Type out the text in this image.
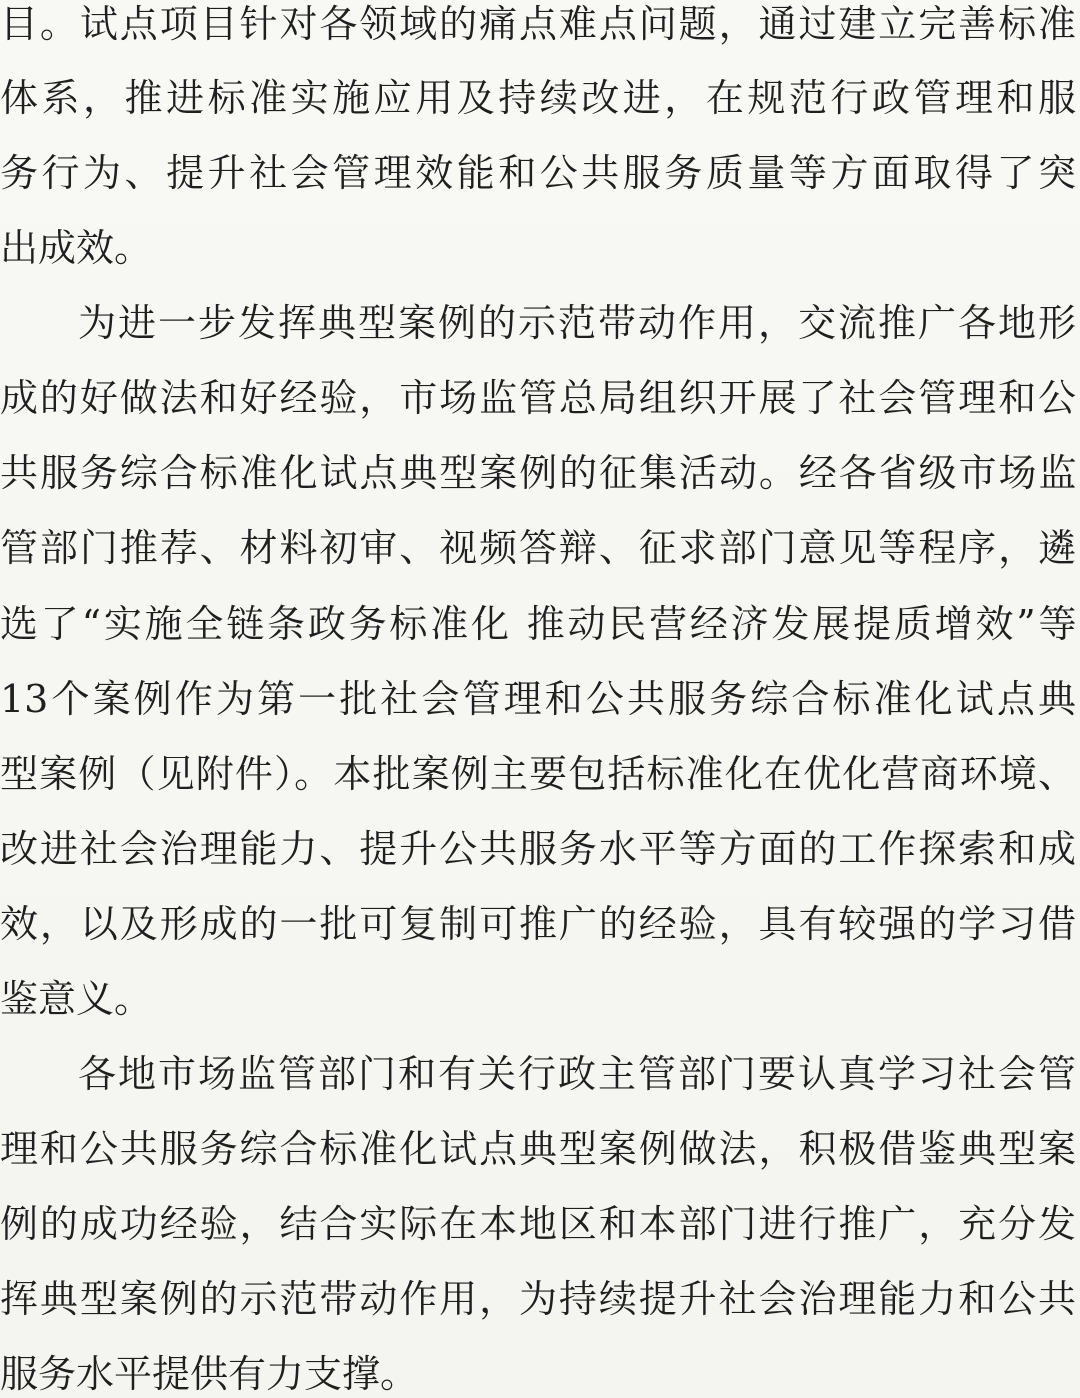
目。试点项目针对各领域的痛点难点问题，通过建立完善标准
体系，推进标准实施应用及持续改进，在规范行政管理和服
务行为、提升社会管理效能和公共服务质量等方面取得了突
出成效。
为进一步发挥典型案例的示范带动作用，交流推广各地形
成的好做法和好经验，市场监管总局组织开展了社会管理和公
共服务综合标准化试点典型案例的征集活动。经各省级市场监
管部门推荐、材料初审、视频答辩、征求部门意见等程序，遴
选了“实施全链条政务标准化 推动民营经济发展提质增效”等
13个案例作为第一批社会管理和公共服务综合标准化试点典
型案例（见附件）。本批案例主要包括标准化在优化营商环境、
改进社会治理能力、提升公共服务水平等方面的工作探索和成
效，以及形成的一批可复制可推广的经验，具有较强的学习借
鉴意义。
各地市场监管部门和有关行政主管部门要认真学习社会管
理和公共服务综合标准化试点典型案例做法，积极借鉴典型案
例的成功经验，结合实际在本地区和本部门进行推广，充分发
挥典型案例的示范带动作用，为持续提升社会治理能力和公共
服务水平提供有力支撑。
